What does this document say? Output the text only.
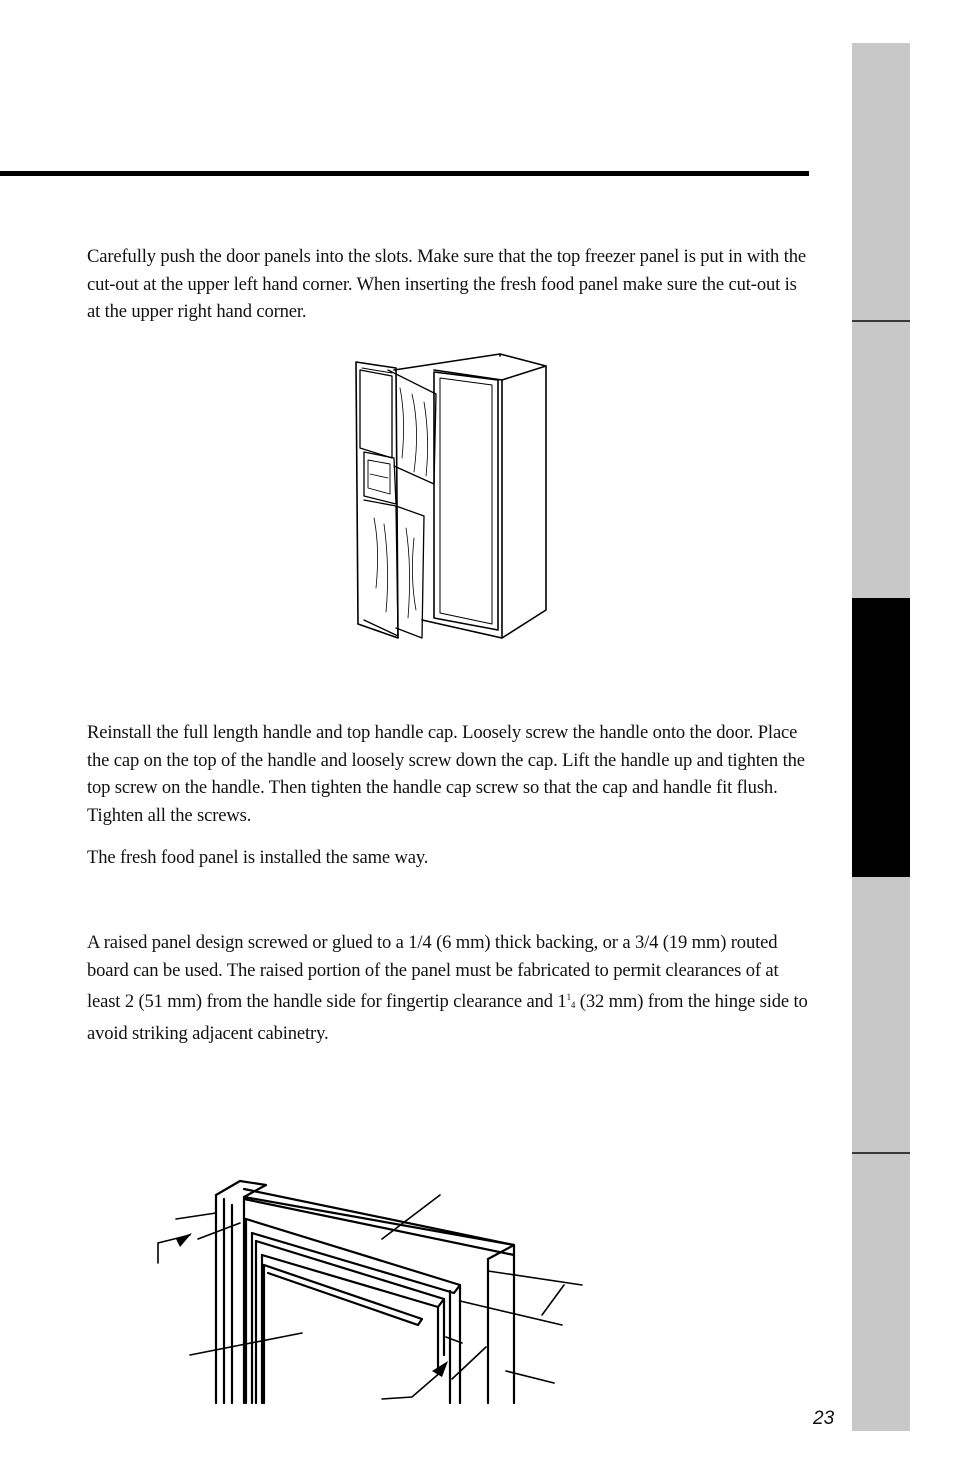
Carefully push the door panels into the slots. Make sure that the top freezer panel is put in with the cut-out at the upper left hand corner. When inserting the fresh food panel make sure the cut-out is at the upper right hand corner.

Reinstall the full length handle and top handle cap. Loosely screw the handle onto the door. Place the cap on the top of the handle and loosely screw down the cap. Lift the handle up and tighten the top screw on the handle. Then tighten the handle cap screw so that the cap and handle fit flush. Tighten all the screws.

The fresh food panel is installed the same way.

A raised panel design screwed or glued to a 1/4 (6 mm) thick backing, or a 3/4 (19 mm) routed board can be used. The raised portion of the panel must be fabricated to permit clearances of at least 2 (51 mm) from the handle side for fingertip clearance and $1^1_4$ (32 mm) from the hinge side to avoid striking adjacent cabinetry.

23
